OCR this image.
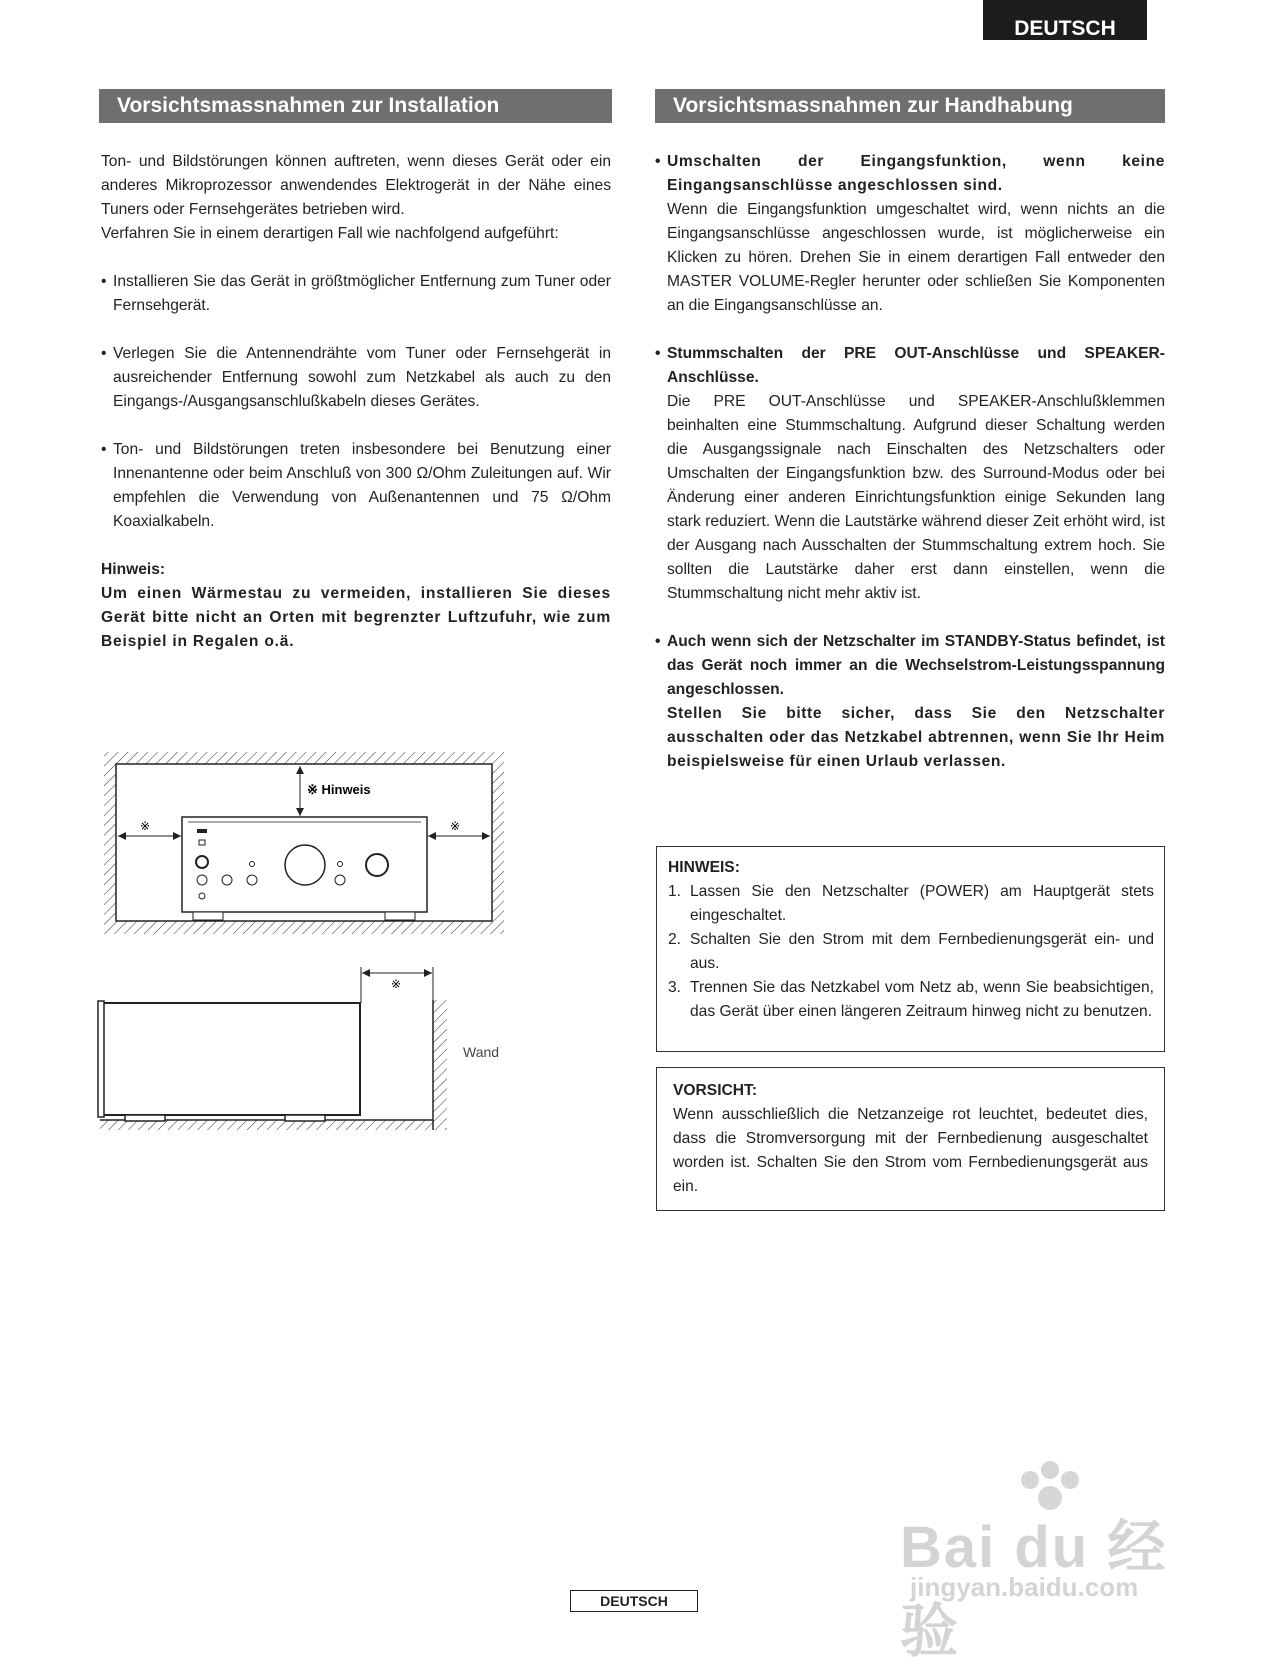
DEUTSCH
Vorsichtsmassnahmen zur Installation

Ton- und Bildstörungen können auftreten, wenn dieses Gerät oder ein anderes Mikroprozessor anwendendes Elektrogerät in der Nähe eines Tuners oder Fernsehgerätes betrieben wird.

Verfahren Sie in einem derartigen Fall wie nachfolgend aufgeführt:

• Installieren Sie das Gerät in größtmöglicher Entfernung zum Tuner oder Fernsehgerät.
• Verlegen Sie die Antennendrähte vom Tuner oder Fernsehgerät in ausreichender Entfernung sowohl zum Netzkabel als auch zu den Eingangs-/Ausgangsanschlußkabeln dieses Gerätes.
• Ton- und Bildstörungen treten insbesondere bei Benutzung einer Innenantenne oder beim Anschluß von 300 Ω/Ohm Zuleitungen auf. Wir empfehlen die Verwendung von Außenantennen und 75 Ω/Ohm Koaxialkabeln.

Hinweis:

Um einen Wärmestau zu vermeiden, installieren Sie dieses Gerät bitte nicht an Orten mit begrenzter Luftzufuhr, wie zum Beispiel in Regalen o.ä.

※ Hinweis
※	※
※
Wand
Vorsichtsmassnahmen zur Handhabung
• Umschalten der Eingangsfunktion, wenn keine Eingangsanschlüsse angeschlossen sind.

Wenn die Eingangsfunktion umgeschaltet wird, wenn nichts an die Eingangsanschlüsse angeschlossen wurde, ist möglicherweise ein Klicken zu hören. Drehen Sie in einem derartigen Fall entweder den MASTER VOLUME-Regler herunter oder schließen Sie Komponenten an die Eingangsanschlüsse an.

• Stummschalten der PRE OUT-Anschlüsse und SPEAKER-Anschlüsse.

Die PRE OUT-Anschlüsse und SPEAKER-Anschlußklemmen beinhalten eine Stummschaltung. Aufgrund dieser Schaltung werden die Ausgangssignale nach Einschalten des Netzschalters oder Umschalten der Eingangsfunktion bzw. des Surround-Modus oder bei Änderung einer anderen Einrichtungsfunktion einige Sekunden lang stark reduziert. Wenn die Lautstärke während dieser Zeit erhöht wird, ist der Ausgang nach Ausschalten der Stummschaltung extrem hoch. Sie sollten die Lautstärke daher erst dann einstellen, wenn die Stummschaltung nicht mehr aktiv ist.

• Auch wenn sich der Netzschalter im STANDBY-Status befindet, ist das Gerät noch immer an die Wechselstrom-Leistungsspannung angeschlossen.

Stellen Sie bitte sicher, dass Sie den Netzschalter ausschalten oder das Netzkabel abtrennen, wenn Sie Ihr Heim beispielsweise für einen Urlaub verlassen.

HINWEIS:
1. Lassen Sie den Netzschalter (POWER) am Hauptgerät stets eingeschaltet.
2. Schalten Sie den Strom mit dem Fernbedienungsgerät ein- und aus.
3. Trennen Sie das Netzkabel vom Netz ab, wenn Sie beabsichtigen, das Gerät über einen längeren Zeitraum hinweg nicht zu benutzen.
VORSICHT:

Wenn ausschließlich die Netzanzeige rot leuchtet, bedeutet dies, dass die Stromversorgung mit der Fernbedienung ausgeschaltet worden ist. Schalten Sie den Strom vom Fernbedienungsgerät aus ein.

Bai du 经验
jingyan.baidu.com
DEUTSCH
